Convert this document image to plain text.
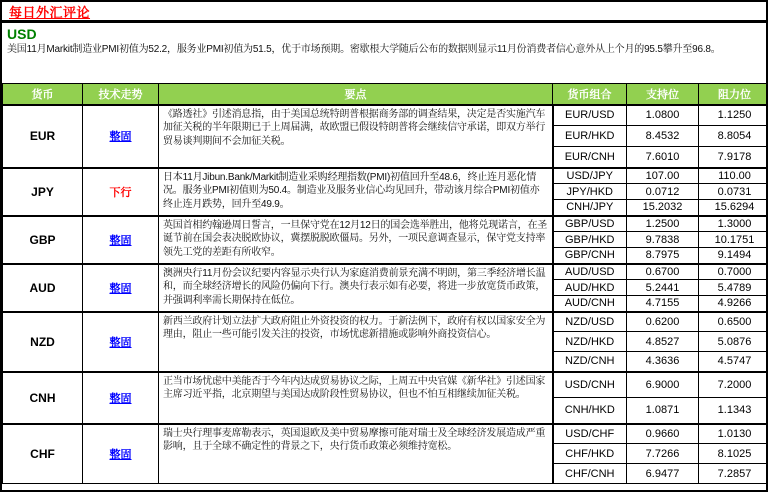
每日外汇评论
USD
美国11月Markit制造业PMI初值为52.2，服务业PMI初值为51.5，优于市场预期。密歇根大学随后公布的数据则显示11月份消费者信心意外从上个月的95.5攀升至96.8。
货币	技术走势	要点	货币组合	支持位	阻力位
EUR	整固	《路透社》引述消息指，由于美国总统特朗普根据商务部的调查结果，决定是否实施汽车加征关税的半年限期已于上周届满，故欧盟已假设特朗普将会继续信守承诺，即双方举行贸易谈判期间不会加征关税。	EUR/USD	1.0800	1.1250
			EUR/HKD	8.4532	8.8054
			EUR/CNH	7.6010	7.9178
JPY	下行	日本11月Jibun.Bank/Markit制造业采购经理指数(PMI)初值回升至48.6，终止连月恶化情况。服务业PMI初值则为50.4。制造业及服务业信心均见回升，带动该月综合PMI初值亦终止连月跌势，回升至49.9。	USD/JPY	107.00	110.00
			JPY/HKD	0.0712	0.0731
			CNH/JPY	15.2032	15.6294
GBP	整固	英国首相约翰逊周日誓言，一旦保守党在12月12日的国会选举胜出，他将兑现诺言，在圣诞节前在国会表决脱欧协议，冀摆脱脱欧僵局。另外，一项民意调查显示，保守党支持率领先工党的差距有所收窄。	GBP/USD	1.2500	1.3000
			GBP/HKD	9.7838	10.1751
			GBP/CNH	8.7975	9.1494
AUD	整固	澳洲央行11月份会议纪要内容显示央行认为家庭消费前景充满不明朗，第三季经济增长温和，而全球经济增长的风险仍偏向下行。澳央行表示如有必要，将进一步放宽货币政策，并强调利率需长期保持在低位。	AUD/USD	0.6700	0.7000
			AUD/HKD	5.2441	5.4789
			AUD/CNH	4.7155	4.9266
NZD	整固	新西兰政府计划立法扩大政府阻止外资投资的权力。于新法例下，政府有权以国家安全为理由，阻止一些可能引发关注的投资，市场忧虑新措施或影响外商投资信心。	NZD/USD	0.6200	0.6500
			NZD/HKD	4.8527	5.0876
			NZD/CNH	4.3636	4.5747
CNH	整固	正当市场忧虑中美能否于今年内达成贸易协议之际，上周五中央官媒《新华社》引述国家主席习近平指，北京期望与美国达成阶段性贸易协议，但也不怕互相继续加征关税。	USD/CNH	6.9000	7.2000
			CNH/HKD	1.0871	1.1343
CHF	整固	瑞士央行理事麦席勒表示，英国退欧及美中贸易摩擦可能对瑞士及全球经济发展造成严重影响，且于全球不确定性的背景之下，央行货币政策必须维持宽松。	USD/CHF	0.9660	1.0130
			CHF/HKD	7.7266	8.1025
			CHF/CNH	6.9477	7.2857
